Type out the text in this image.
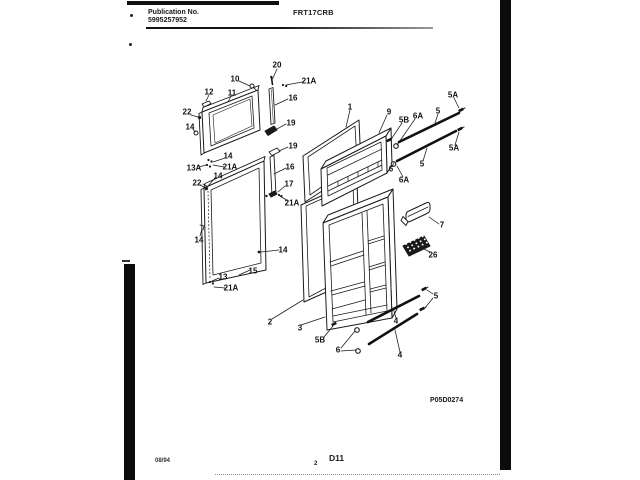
Publication No.
5995257952
FRT17CRB
20
10	21A
12 11
16
22
19
14
19
14
13A	21A	16
14
22	17
21A
14
14
15
13
21A
1
9
5B 6A
5
5A
5A
6
6A
5
7
26
2
3
5B
6
4
4
5
P05D0274
08/94	2
D11
